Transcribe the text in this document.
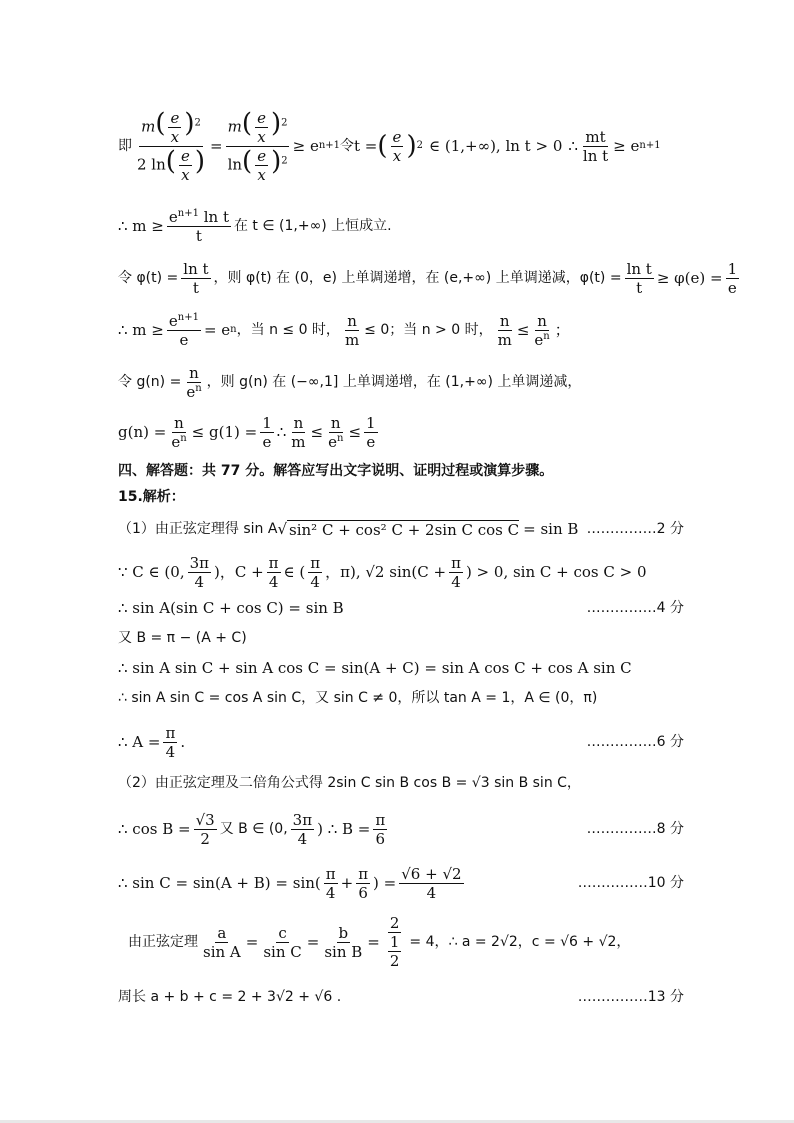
即 $\frac{m( \frac{e}{x} )^2}{2 \ln( \frac{e}{x} )} = \frac{m( \frac{e}{x} )^2}{\ln( \frac{e}{x} )^2} \ge e$ n+1 令 t = ( $\frac{e}{x}$ ) 2 ∈ (1,+∞), ln t > 0 ∴ $\frac{mt}{\text{ln t}} \ge e$ n+1
∴ $m \ge \frac{e^{n+1} \ln t}{t}$ 在 t ∈ (1,+∞) 上恒成立.
令 $\varphi(t) = \frac{\text{ln t}}{t}$ ，则 φ(t) 在 (0，e) 上单调递增，在 (e,+∞) 上单调递减，$\varphi(t) = \frac{\text{ln t}}{t} \ge \varphi(e) = \frac{1}{e}$
∴ $m \ge \frac{e^{n+1}}{e} = e$ n ，当 n ≤ 0 时， $\frac{n}{m} \le 0$；当 n > 0 时， $\frac{n}{m} \le \frac{n}{e^n}$ ；
令 $g(n) = \frac{n}{e^n}$ ，则 g(n) 在 (−∞,1] 上单调递增，在 (1,+∞) 上单调递减，
$g(n) = \frac{n}{e^n} \le g(1) = \frac{1}{e}$ ∴ $\frac{n}{m} \le \frac{n}{e^n} \le \frac{1}{e}$
四、解答题：共 77 分。解答应写出文字说明、证明过程或演算步骤。
15.解析：
（1）由正弦定理得 sin A √ sin² C + cos² C + 2sin C cos C = sin B ……………2 分
∵ C ∈ (0, $\frac{3\pi}{4}$ )，$C + \frac{\pi}{4}$ ∈ ( $\frac{\pi}{4}$ ，π), √2 $\sin(C + \frac{\pi}{4}$ ) > 0, sin C + cos C > 0
∴ sin A(sin C + cos C) = sin B	……………4 分
又 B = π − (A + C)
∴ sin A sin C + sin A cos C = sin(A + C) = sin A cos C + cos A sin C
∴ sin A sin C = cos A sin C，又 sin C ≠ 0，所以 tan A = 1，A ∈ (0，π)
∴ $A = \frac{\pi}{4}$ .	……………6 分
（2）由正弦定理及二倍角公式得 2sin C sin B cos B = √3 sin B sin C，
∴ $\cos B = \frac{√3}{2}$ 又 B ∈ (0, $\frac{3\pi}{4}$ ) ∴ $B = \frac{\pi}{6}$	……………8 分
∴ $\sin C = \sin(A + B) = \sin( \frac{\pi}{4} + \frac{\pi}{6}$ ) = $\frac{√6 + √2}{4}$	……………10 分
由正弦定理 $\frac{a}{\text{sin A}} = \frac{c}{\text{sin C}} = \frac{b}{\text{sin B}} = \frac{2}{\frac{1}{2}} = 4$，∴ a = 2√2，c = √6 + √2，
周长 a + b + c = 2 + 3√2 + √6 .	……………13 分
